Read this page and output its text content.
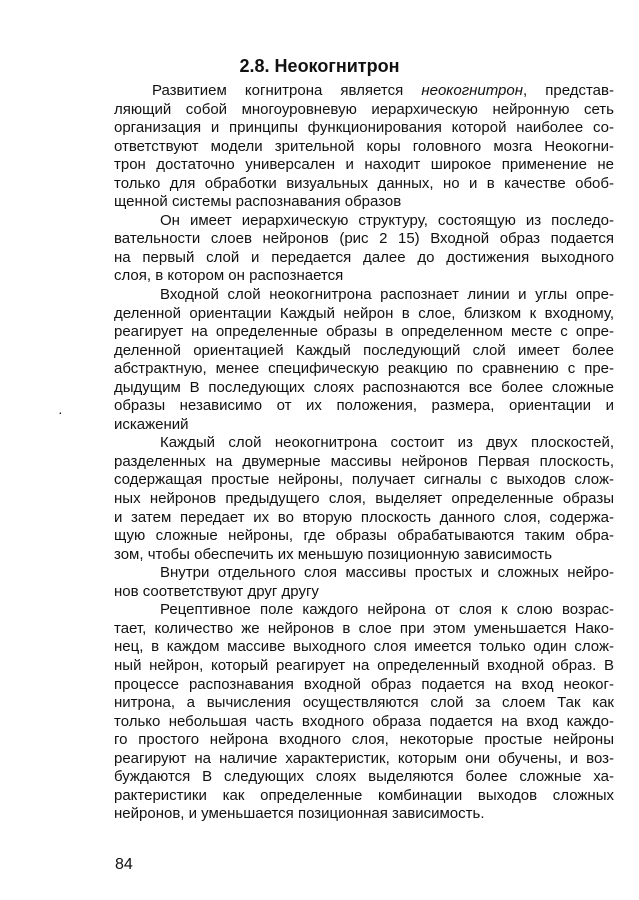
2.8. Неокогнитрон
Развитием когнитрона является неокогнитрон, представ-
ляющий собой многоуровневую иерархическую нейронную сеть
организация и принципы функционирования которой наиболее со-
ответствуют модели зрительной коры головного мозга Неокогни-
трон достаточно универсален и находит широкое применение не
только для обработки визуальных данных, но и в качестве обоб-
щенной системы распознавания образов
Он имеет иерархическую структуру, состоящую из последо-
вательности слоев нейронов (рис 2 15) Входной образ подается
на первый слой и передается далее до достижения выходного
слоя, в котором он распознается
Входной слой неокогнитрона распознает линии и углы опре-
деленной ориентации Каждый нейрон в слое, близком к входному,
реагирует на определенные образы в определенном месте с опре-
деленной ориентацией Каждый последующий слой имеет более
абстрактную, менее специфическую реакцию по сравнению с пре-
дыдущим В последующих слоях распознаются все более сложные
образы независимо от их положения, размера, ориентации и
искажений
Каждый слой неокогнитрона состоит из двух плоскостей,
разделенных на двумерные массивы нейронов Первая плоскость,
содержащая простые нейроны, получает сигналы с выходов слож-
ных нейронов предыдущего слоя, выделяет определенные образы
и затем передает их во вторую плоскость данного слоя, содержа-
щую сложные нейроны, где образы обрабатываются таким обра-
зом, чтобы обеспечить их меньшую позиционную зависимость
Внутри отдельного слоя массивы простых и сложных нейро-
нов соответствуют друг другу
Рецептивное поле каждого нейрона от слоя к слою возрас-
тает, количество же нейронов в слое при этом уменьшается Нако-
нец, в каждом массиве выходного слоя имеется только один слож-
ный нейрон, который реагирует на определенный входной образ. В
процессе распознавания входной образ подается на вход неоког-
нитрона, а вычисления осуществляются слой за слоем Так как
только небольшая часть входного образа подается на вход каждо-
го простого нейрона входного слоя, некоторые простые нейроны
реагируют на наличие характеристик, которым они обучены, и воз-
буждаются В следующих слоях выделяются более сложные ха-
рактеристики как определенные комбинации выходов сложных
нейронов, и уменьшается позиционная зависимость.
·
84
